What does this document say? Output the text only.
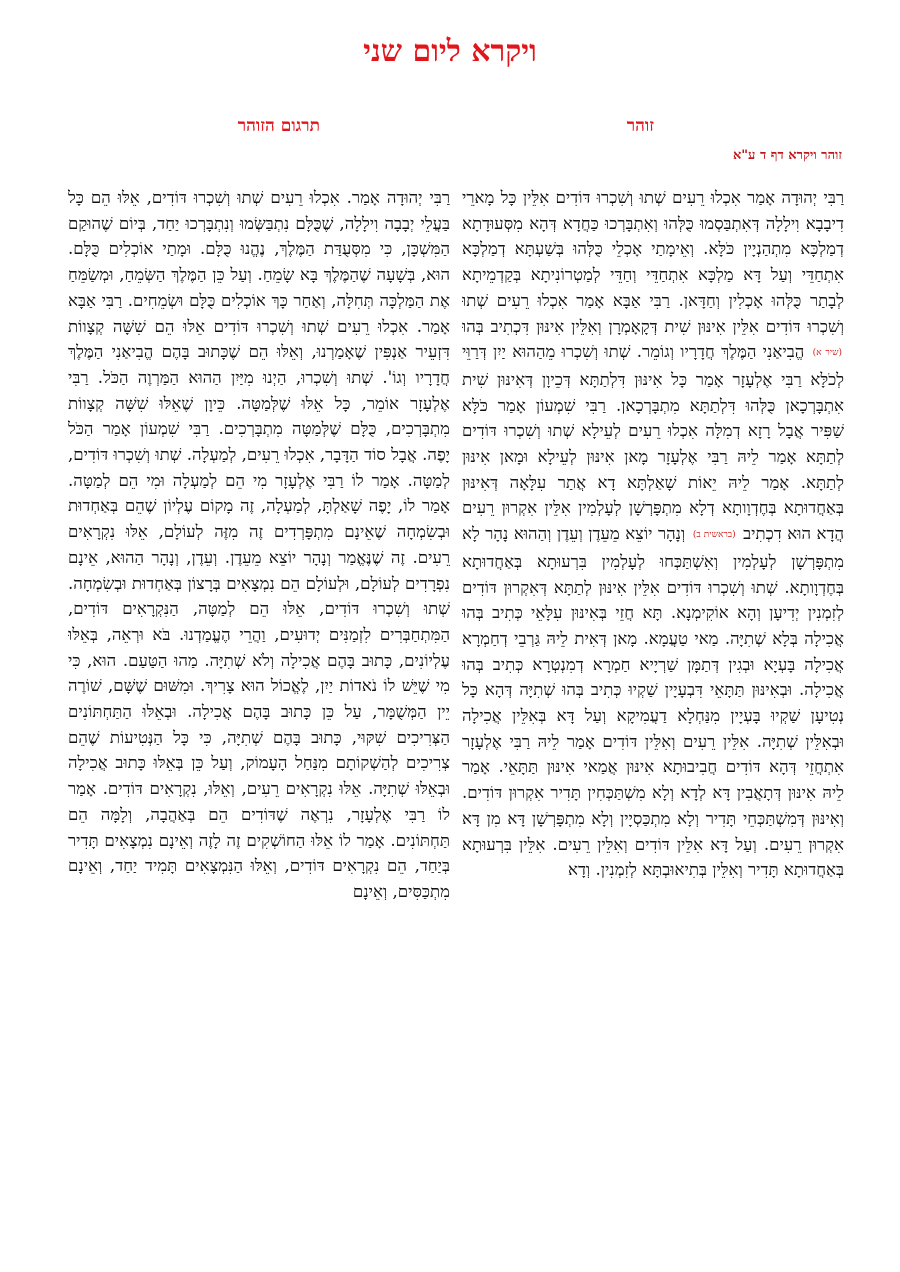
ויקרא ליום שני
זוהר
תרגום הזוהר
זוהר ויקרא דף ד ע"א
רַבִּי יְהוּדָה אָמַר אִכְלוּ רֵעִים שְׁתוּ וְשִׁכְרוּ דּוֹדִים אִלֵּין כָּל מָארֵי דִיבָבָא וִילָלָה דְּאִתְבַּסְמוּ כֻּלְּהוּ וְאִתְבָּרְכוּ כַּחֲדָא דְּהָא מִסְּעוּדָתָא דְמַלְכָּא מִתְהַנְיָין כֹּלָּא. וְאֵימָתַי אָכְלֵי כֻּלְּהוּ בְּשַׁעְתָּא דְמַלְכָּא אִתְחַדֵּי וְעַל דָּא מַלְכָּא אִתְחַדֵּי וְחַדֵּי לְמַטְרוֹנִיתָא בְּקַדְמֵיתָא לְבָתַר כֻּלְּהוּ אָכְלִין וְחַדָּאן. רַבִּי אַבָּא אָמַר אִכְלוּ רֵעִים שְׁתוּ וְשִׁכְרוּ דּוֹדִים אִלֵּין אִינּוּן שִׁית דְּקָאָמְרָן וְאִלֵּין אִינּוּן דִּכְתִיב בְּהוּ (שיר א) הֱבִיאַנִי הַמֶּלֶךְ חֲדָרָיו וְגוֹמֵר. שְׁתוּ וְשִׁכְרוּ מֵהַהוּא יַיִן דְּרַוֵּי לְכֹלָּא רַבִּי אֶלְעָזָר אָמַר כָּל אִינּוּן דִּלְתַתָּא דְּכֵיוָן דְּאִינּוּן שִׁית אִתְבָּרְכָאן כֻּלְּהוּ דִּלְתַתָּא מִתְבָּרְכָאן. רַבִּי שִׁמְעוֹן אָמַר כֹּלָּא שַׁפִּיר אֲבָל רָזָא דְמִלָּה אִכְלוּ רֵעִים לְעֵילָא שְׁתוּ וְשִׁכְרוּ דּוֹדִים לְתַתָּא אָמַר לֵיהּ רַבִּי אֶלְעָזָר מָאן אִינּוּן לְעֵילָא וּמָאן אִינּוּן לְתַתָּא. אָמַר לֵיהּ יֵאוֹת שָׁאַלְתָּא דָא אֲתַר עִלָּאָה דְּאִינּוּן בְּאַחֲדוּתָא בְּחֶדְוָותָא דְלָא מִתְפָּרְשָׁן לְעָלְמִין אִלֵּין אִקְרוּן רֵעִים הֲדָא הוּא דִכְתִיב (בראשית ב) וְנָהָר יוֹצֵא מֵעֵדֶן וְעֵדֶן וְהַהוּא נָהָר לָא מִתְפָּרְשָׁן לְעָלְמִין וְאִשְׁתַּכְּחוּ לְעָלְמִין בִּרְעוּתָא בְּאַחֲדוּתָא בְּחֶדְוָותָא. שְׁתוּ וְשִׁכְרוּ דּוֹדִים אִלֵּין אִינּוּן לְתַתָּא דְּאִקְרוּן דּוֹדִים לְזִמְנִין יְדִיעָן וְהָא אוֹקִימְנָא. תָּא חֲזֵי בְּאִינּוּן עִלָּאֵי כְּתִיב בְּהוּ אֲכִילָה בְּלָא שְׁתִיָּה. מַאי טַעֲמָא. מָאן דְּאִית לֵיהּ גַּרְבֵי דְחַמְרָא אֲכִילָה בָּעְיָא וּבְגִין דְּתַמָּן שַׁרְיָיא חַמְרָא דְמִנְטְרָא כְּתִיב בְּהוּ אֲכִילָה. וּבְאִינּוּן תַּתָּאֵי דִּבְעָיָין שַׁקְיוּ כְּתִיב בְּהוּ שְׁתִיָּה דְּהָא כָּל נְטִיעָן שַׁקְיוּ בָּעְיָין מִנַּחְלָא דַעֲמִיקָא וְעַל דָּא בְּאִלֵּין אֲכִילָה וּבְאִלֵּין שְׁתִיָּה. אִלֵּין רֵעִים וְאִלֵּין דּוֹדִים אָמַר לֵיהּ רַבִּי אֶלְעָזָר אִתְחֲזֵי דְּהָא דּוֹדִים חֲבִיבוּתָא אִינּוּן אֲמַאי אִינּוּן תַּתָּאֵי. אָמַר לֵיהּ אִינּוּן דְּתָאֲבִין דָּא לְדָא וְלָא מִשְׁתַּכְּחִין תָּדִיר אִקְרוּן דּוֹדִים. וְאִינּוּן דְּמִשְׁתַּכְּחֵי תָּדִיר וְלָא מִתְכַּסְיָין וְלָא מִתְפָּרְשָׁן דָּא מִן דָּא אִקְרוּן רֵעִים. וְעַל דָּא אִלֵּין דּוֹדִים וְאִלֵּין רֵעִים. אִלֵּין בִּרְעוּתָא בְּאַחֲדוּתָא תָּדִיר וְאִלֵּין בְּתִיאוּבְתָּא לְזִמְנִין. וְדָא
רַבִּי יְהוּדָה אָמַר. אִכְלוּ רֵעִים שְׁתוּ וְשִׁכְרוּ דּוֹדִים, אֵלּוּ הֵם כָּל בַּעֲלֵי יְבָבָה וִילָלָה, שֶׁכֻּלָּם נִתְבַּשְּׂמוּ וְנִתְבָּרְכוּ יַחַד, בְּיוֹם שֶׁהוּקַם הַמִּשְׁכָּן, כִּי מִסְּעֻדַּת הַמֶּלֶךְ, נֶהֱנוּ כֻּלָּם. וּמָתַי אוֹכְלִים כֻּלָּם. הוּא, בְּשָׁעָה שֶׁהַמֶּלֶךְ בָּא שָׂמֵחַ. וְעַל כֵּן הַמֶּלֶךְ הַשְּׂמֵחַ, וּמְשַׂמֵּחַ אֶת הַמַּלְכָּה תְּחִלָּה, וְאַחַר כָּךְ אוֹכְלִים כֻּלָּם וּשְׂמֵחִים. רַבִּי אַבָּא אָמַר. אִכְלוּ רֵעִים שְׁתוּ וְשִׁכְרוּ דּוֹדִים אֵלּוּ הֵם שִׁשָּׁה קְצָווֹת דִּזְעֵיר אַנְפִּין שֶׁאָמַרְנוּ, וְאֵלּוּ הֵם שֶׁכָּתוּב בָּהֶם הֱבִיאַנִי הַמֶּלֶךְ חֲדָרָיו וְגוֹ'. שְׁתוּ וְשִׁכְרוּ, הַיְנוּ מִיַּיִן הַהוּא הַמַּרְוֶה הַכֹּל. רַבִּי אֶלְעָזָר אוֹמֵר, כָּל אֵלּוּ שֶׁלְּמַטָּה. כֵּיוָן שֶׁאֵלּוּ שִׁשָּׁה קְצָווֹת מִתְבָּרְכִים, כֻּלָּם שֶׁלְּמַטָּה מִתְבָּרְכִים. רַבִּי שִׁמְעוֹן אָמַר הַכֹּל יָפֶה. אֲבָל סוֹד הַדָּבָר, אִכְלוּ רֵעִים, לְמַעְלָה. שְׁתוּ וְשִׁכְרוּ דּוֹדִים, לְמַטָּה. אָמַר לוֹ רַבִּי אֶלְעָזָר מִי הֵם לְמַעְלָה וּמִי הֵם לְמַטָּה. אָמַר לוֹ, יָפֶה שָׁאַלְתָּ, לְמַעְלָה, זֶה מָקוֹם עֶלְיוֹן שֶׁהֵם בְּאַחְדוּת וּבְשִׂמְחָה שֶׁאֵינָם מִתְפָּרְדִים זֶה מִזֶּה לְעוֹלָם, אֵלּוּ נִקְרָאִים רֵעִים. זֶה שֶׁנֶּאֱמַר וְנָהָר יוֹצֵא מֵעֵדֶן. וְעֵדֶן, וְנָהָר הַהוּא, אֵינָם נִפְרָדִים לְעוֹלָם, וּלְעוֹלָם הֵם נִמְצָאִים בְּרָצוֹן בְּאַחְדוּת וּבְשִׂמְחָה. שְׁתוּ וְשִׁכְרוּ דּוֹדִים, אֵלּוּ הֵם לְמַטָּה, הַנִּקְרָאִים דּוֹדִים, הַמִּתְחַבְּרִים לִזְמַנִּים יְדוּעִים, וַהֲרֵי הֶעֱמַדְנוּ. בֹּא וּרְאֵה, בְּאֵלּוּ עֶלְיוֹנִים, כָּתוּב בָּהֶם אֲכִילָה וְלֹא שְׁתִיָּה. מַהוּ הַטַּעַם. הוּא, כִּי מִי שֶׁיֵּשׁ לוֹ נֹאדוֹת יַיִן, לֶאֱכוֹל הוּא צָרִיךְ. וּמִשּׁוּם שֶׁשָּׁם, שׁוֹרֶה יֵין הַמְּשֻׁמָּר, עַל כֵּן כָּתוּב בָּהֶם אֲכִילָה. וּבְאֵלּוּ הַתַּחְתּוֹנִים הַצְּרִיכִים שִׁקּוּי, כָּתוּב בָּהֶם שְׁתִיָּה, כִּי כָּל הַנְּטִיעוֹת שֶׁהֵם צְרִיכִים לְהַשְׁקוֹתָם מִנַּחַל הָעָמוֹק, וְעַל כֵּן בְּאֵלּוּ כָּתוּב אֲכִילָה וּבְאֵלּוּ שְׁתִיָּה. אֵלּוּ נִקְרָאִים רֵעִים, וְאֵלּוּ, נִקְרָאִים דּוֹדִים. אָמַר לוֹ רַבִּי אֶלְעָזָר, נִרְאֶה שֶׁדּוֹדִים הֵם בְּאַהֲבָה, וְלָמָּה הֵם תַּחְתּוֹנִים. אָמַר לוֹ אֵלּוּ הַחוֹשְׁקִים זֶה לָזֶה וְאֵינָם נִמְצָאִים תָּדִיר בְּיַחַד, הֵם נִקְרָאִים דּוֹדִים, וְאֵלּוּ הַנִּמְצָאִים תָּמִיד יַחַד, וְאֵינָם מִתְכַּסִּים, וְאֵינָם
